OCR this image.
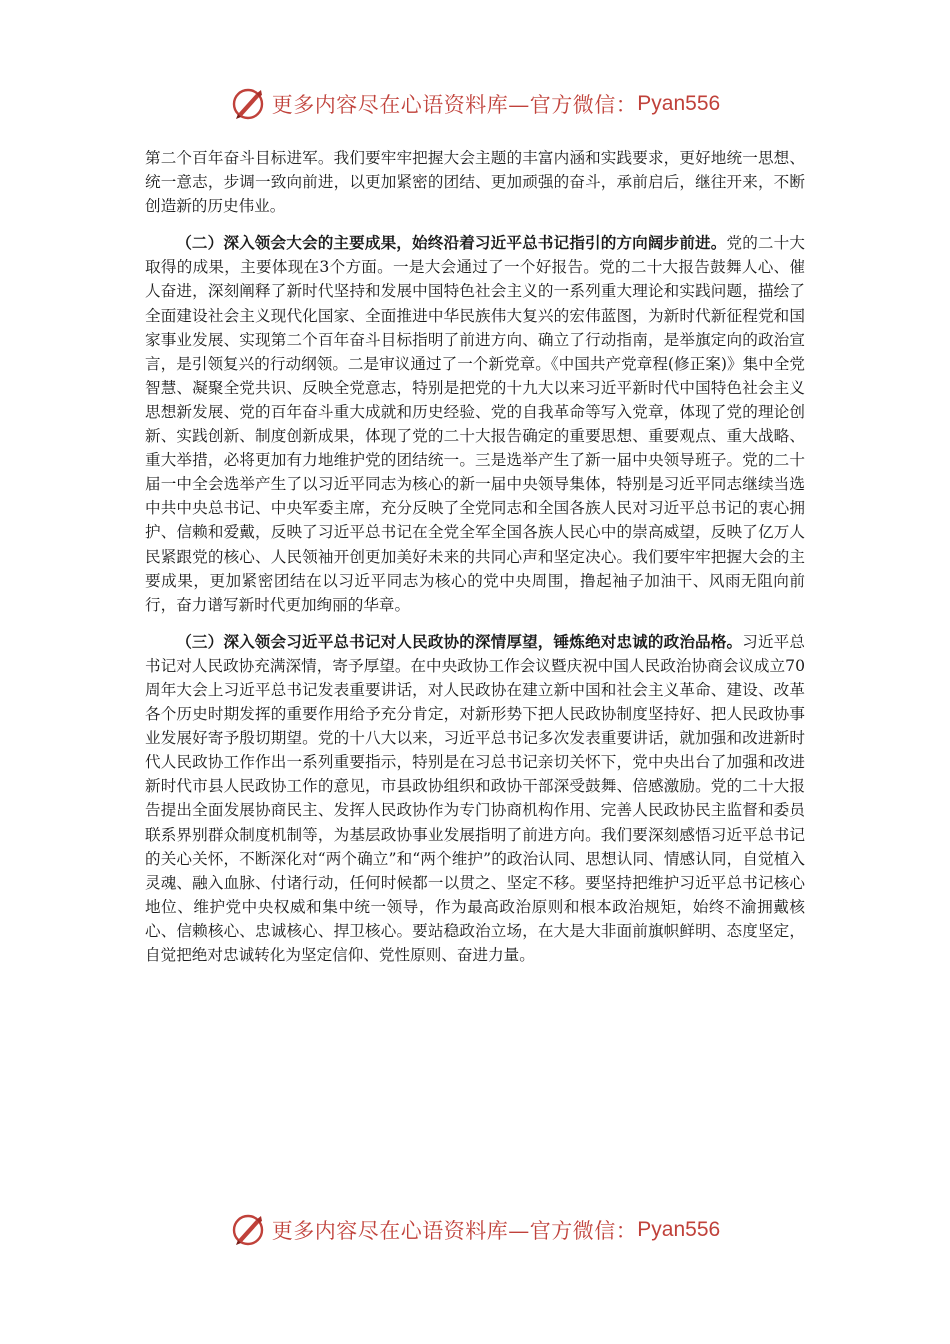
更多内容尽在心语资料库—官方微信： Pyan556

第二个百年奋斗目标进军。我们要牢牢把握大会主题的丰富内涵和实践要求，更好地统一思想、统一意志，步调一致向前进，以更加紧密的团结、更加顽强的奋斗，承前启后，继往开来，不断创造新的历史伟业。

（二）深入领会大会的主要成果，始终沿着习近平总书记指引的方向阔步前进。党的二十大取得的成果，主要体现在3个方面。一是大会通过了一个好报告。党的二十大报告鼓舞人心、催人奋进，深刻阐释了新时代坚持和发展中国特色社会主义的一系列重大理论和实践问题，描绘了全面建设社会主义现代化国家、全面推进中华民族伟大复兴的宏伟蓝图，为新时代新征程党和国家事业发展、实现第二个百年奋斗目标指明了前进方向、确立了行动指南，是举旗定向的政治宣言，是引领复兴的行动纲领。二是审议通过了一个新党章。《中国共产党章程(修正案)》集中全党智慧、凝聚全党共识、反映全党意志，特别是把党的十九大以来习近平新时代中国特色社会主义思想新发展、党的百年奋斗重大成就和历史经验、党的自我革命等写入党章，体现了党的理论创新、实践创新、制度创新成果，体现了党的二十大报告确定的重要思想、重要观点、重大战略、重大举措，必将更加有力地维护党的团结统一。三是选举产生了新一届中央领导班子。党的二十届一中全会选举产生了以习近平同志为核心的新一届中央领导集体，特别是习近平同志继续当选中共中央总书记、中央军委主席，充分反映了全党同志和全国各族人民对习近平总书记的衷心拥护、信赖和爱戴，反映了习近平总书记在全党全军全国各族人民心中的崇高威望，反映了亿万人民紧跟党的核心、人民领袖开创更加美好未来的共同心声和坚定决心。我们要牢牢把握大会的主要成果，更加紧密团结在以习近平同志为核心的党中央周围，撸起袖子加油干、风雨无阻向前行，奋力谱写新时代更加绚丽的华章。

（三）深入领会习近平总书记对人民政协的深情厚望，锤炼绝对忠诚的政治品格。习近平总书记对人民政协充满深情，寄予厚望。在中央政协工作会议暨庆祝中国人民政治协商会议成立70周年大会上习近平总书记发表重要讲话，对人民政协在建立新中国和社会主义革命、建设、改革各个历史时期发挥的重要作用给予充分肯定，对新形势下把人民政协制度坚持好、把人民政协事业发展好寄予殷切期望。党的十八大以来，习近平总书记多次发表重要讲话，就加强和改进新时代人民政协工作作出一系列重要指示，特别是在习总书记亲切关怀下，党中央出台了加强和改进新时代市县人民政协工作的意见，市县政协组织和政协干部深受鼓舞、倍感激励。党的二十大报告提出全面发展协商民主、发挥人民政协作为专门协商机构作用、完善人民政协民主监督和委员联系界别群众制度机制等，为基层政协事业发展指明了前进方向。我们要深刻感悟习近平总书记的关心关怀，不断深化对“两个确立”和“两个维护”的政治认同、思想认同、情感认同，自觉植入灵魂、融入血脉、付诸行动，任何时候都一以贯之、坚定不移。要坚持把维护习近平总书记核心地位、维护党中央权威和集中统一领导，作为最高政治原则和根本政治规矩，始终不渝拥戴核心、信赖核心、忠诚核心、捍卫核心。要站稳政治立场，在大是大非面前旗帜鲜明、态度坚定，自觉把绝对忠诚转化为坚定信仰、党性原则、奋进力量。

更多内容尽在心语资料库—官方微信： Pyan556
